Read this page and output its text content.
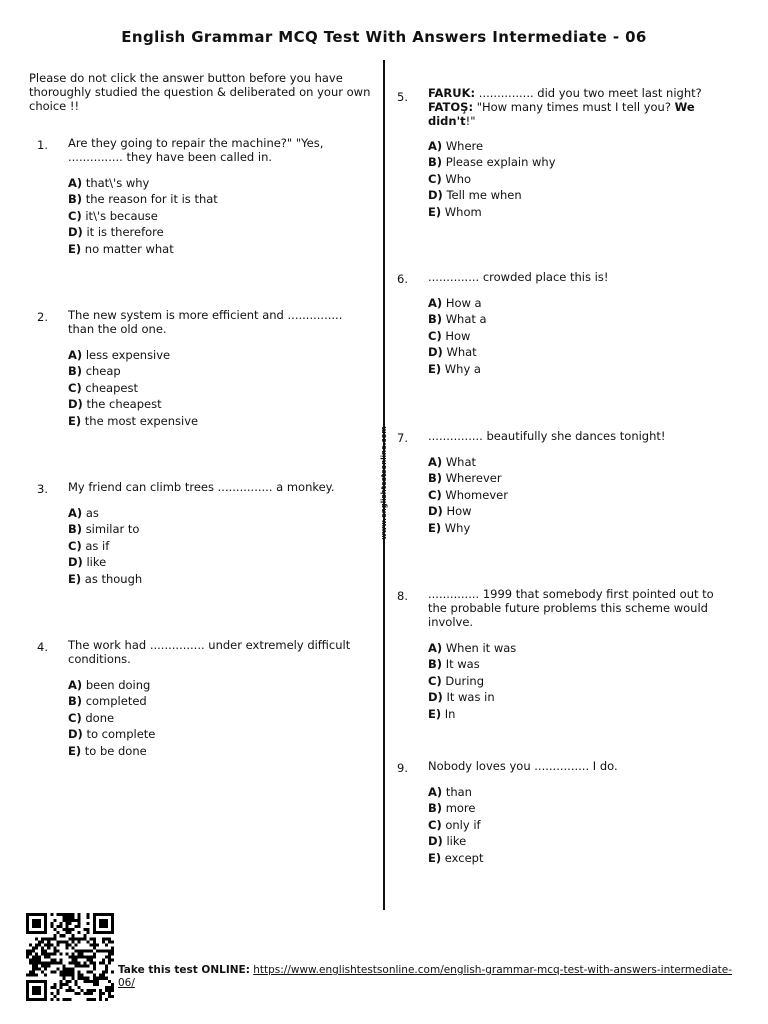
English Grammar MCQ Test With Answers Intermediate - 06
www.englishtestsonline.com
Please do not click the answer button before you have thoroughly studied the question & deliberated on your own choice !!
1. Are they going to repair the machine?" "Yes, ............... they have been called in.
A) that\'s why
B) the reason for it is that
C) it\'s because
D) it is therefore
E) no matter what
2. The new system is more efficient and ............... than the old one.
A) less expensive
B) cheap
C) cheapest
D) the cheapest
E) the most expensive
3. My friend can climb trees ............... a monkey.
A) as
B) similar to
C) as if
D) like
E) as though
4. The work had ............... under extremely difficult conditions.
A) been doing
B) completed
C) done
D) to complete
E) to be done
5. FARUK: ............... did you two meet last night?
FATOŞ: "How many times must I tell you? We didn't!"
A) Where
B) Please explain why
C) Who
D) Tell me when
E) Whom
6. .............. crowded place this is!
A) How a
B) What a
C) How
D) What
E) Why a
7. ............... beautifully she dances tonight!
A) What
B) Wherever
C) Whomever
D) How
E) Why
8. .............. 1999 that somebody first pointed out to the probable future problems this scheme would involve.
A) When it was
B) It was
C) During
D) It was in
E) In
9. Nobody loves you ............... I do.
A) than
B) more
C) only if
D) like
E) except
Take this test ONLINE: https://www.englishtestsonline.com/english-grammar-mcq-test-with-answers-intermediate-06/
